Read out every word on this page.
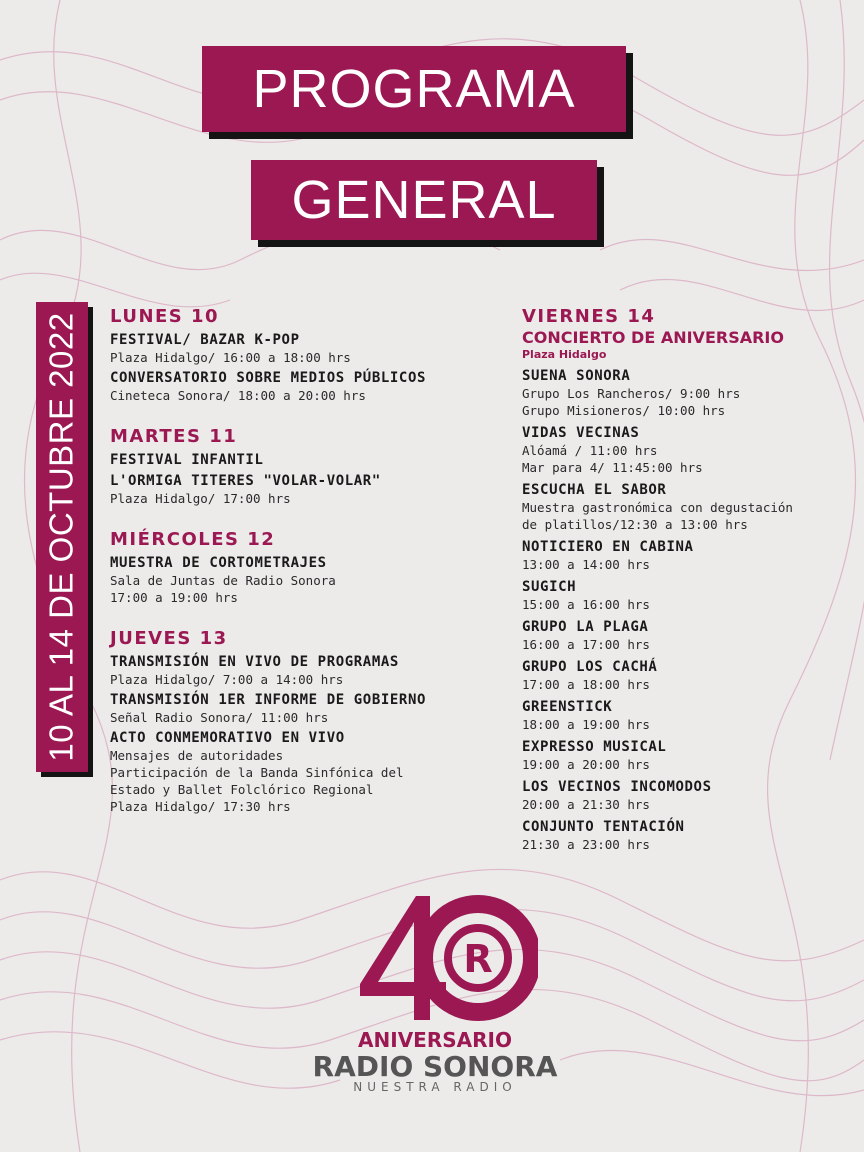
PROGRAMA
GENERAL
10 AL 14 DE OCTUBRE 2022 LUNES 10
FESTIVAL/ BAZAR K-POP
Plaza Hidalgo/ 16:00 a 18:00 hrs
CONVERSATORIO SOBRE MEDIOS PÚBLICOS
Cineteca Sonora/ 18:00 a 20:00 hrs
MARTES 11
FESTIVAL INFANTIL
L'ORMIGA TITERES "VOLAR-VOLAR"
Plaza Hidalgo/ 17:00 hrs
MIÉRCOLES 12
MUESTRA DE CORTOMETRAJES
Sala de Juntas de Radio Sonora
17:00 a 19:00 hrs
JUEVES 13
TRANSMISIÓN EN VIVO DE PROGRAMAS
Plaza Hidalgo/ 7:00 a 14:00 hrs
TRANSMISIÓN 1ER INFORME DE GOBIERNO
Señal Radio Sonora/ 11:00 hrs
ACTO CONMEMORATIVO EN VIVO
Mensajes de autoridades
Participación de la Banda Sinfónica del
Estado y Ballet Folclórico Regional
Plaza Hidalgo/ 17:30 hrs
VIERNES 14
CONCIERTO DE ANIVERSARIO
Plaza Hidalgo
SUENA SONORA
Grupo Los Rancheros/ 9:00 hrs
Grupo Misioneros/ 10:00 hrs
VIDAS VECINAS
Alóamá / 11:00 hrs
Mar para 4/ 11:45:00 hrs
ESCUCHA EL SABOR
Muestra gastronómica con degustación
de platillos/12:30 a 13:00 hrs
NOTICIERO EN CABINA
13:00 a 14:00 hrs
SUGICH
15:00 a 16:00 hrs
GRUPO LA PLAGA
16:00 a 17:00 hrs
GRUPO LOS CACHÁ
17:00 a 18:00 hrs
GREENSTICK
18:00 a 19:00 hrs
EXPRESSO MUSICAL
19:00 a 20:00 hrs
LOS VECINOS INCOMODOS
20:00 a 21:30 hrs
CONJUNTO TENTACIÓN
21:30 a 23:00 hrs
R
ANIVERSARIO
RADIO SONORA
NUESTRA RADIO
